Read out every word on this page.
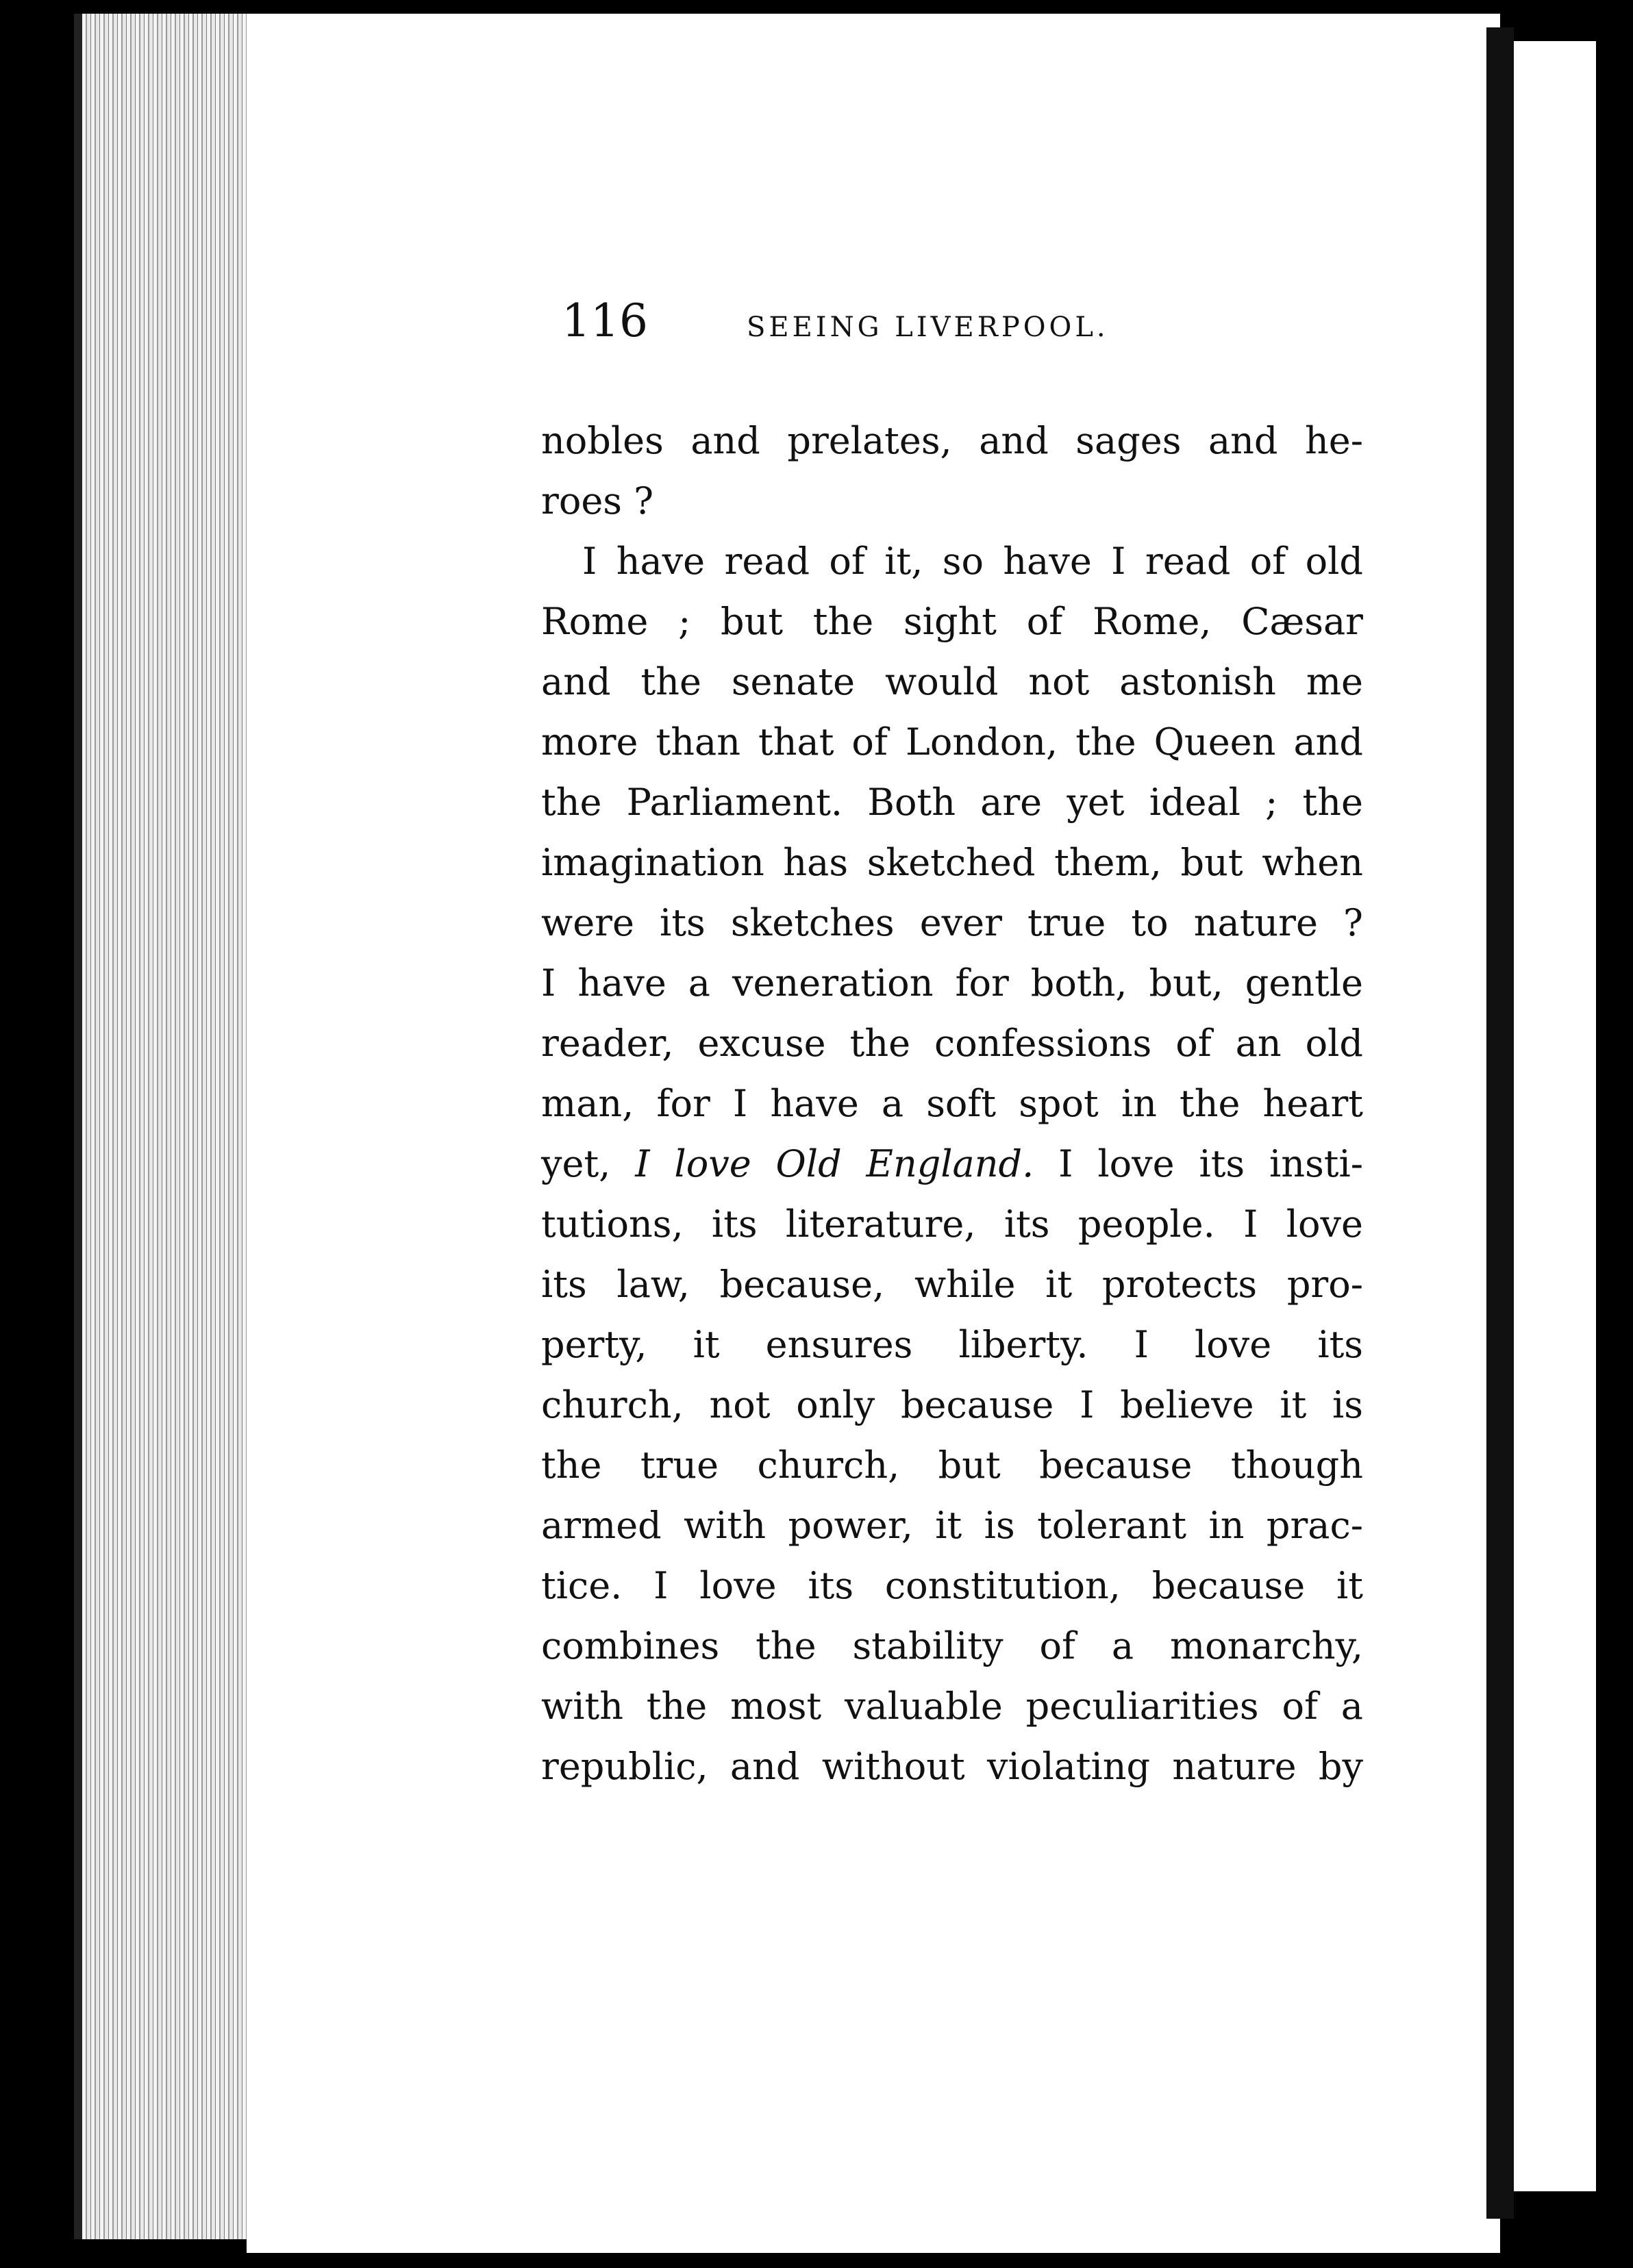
116	SEEING LIVERPOOL.
nobles and prelates, and sages and he-
roes ?
I have read of it, so have I read of old
Rome ; but the sight of Rome, Cæsar
and the senate would not astonish me
more than that of London, the Queen and
the Parliament. Both are yet ideal ; the
imagination has sketched them, but when
were its sketches ever true to nature ?
I have a veneration for both, but, gentle
reader, excuse the confessions of an old
man, for I have a soft spot in the heart
yet, I love Old England. I love its insti-
tutions, its literature, its people. I love
its law, because, while it protects pro-
perty, it ensures liberty. I love its
church, not only because I believe it is
the true church, but because though
armed with power, it is tolerant in prac-
tice. I love its constitution, because it
combines the stability of a monarchy,
with the most valuable peculiarities of a
republic, and without violating nature by
